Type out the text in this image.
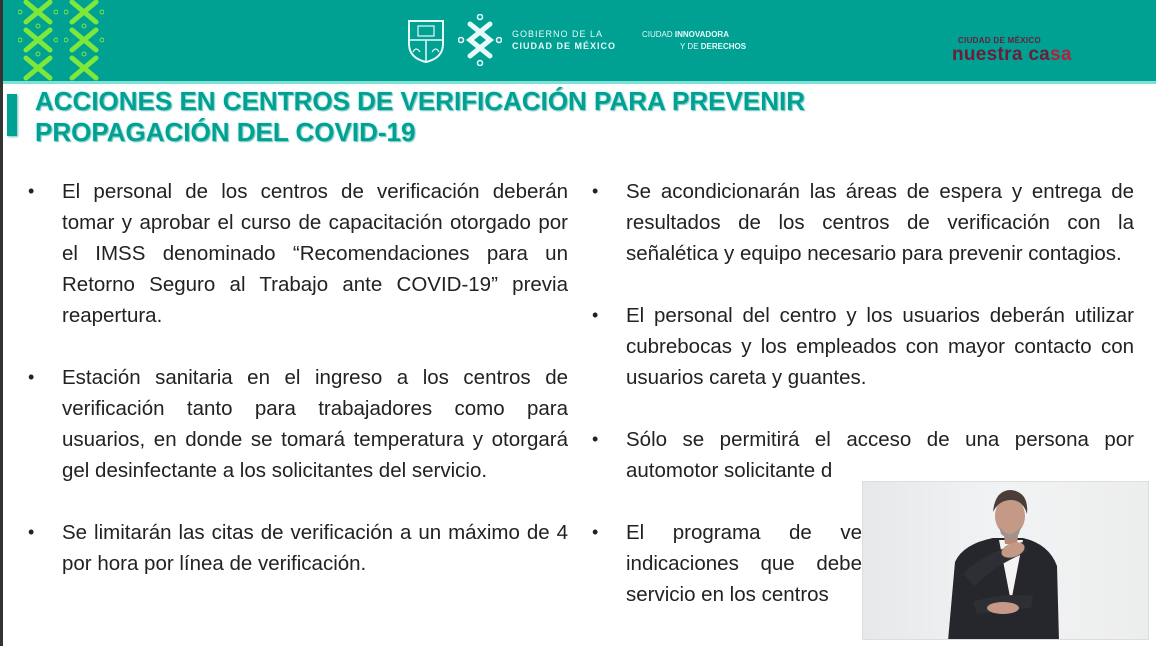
GOBIERNO DE LA
CIUDAD DE MÉXICO
CIUDAD INNOVADORA
Y DE DERECHOS
CIUDAD DE MÉXICO
nuestra casa
ACCIONES EN CENTROS DE VERIFICACIÓN PARA PREVENIR
PROPAGACIÓN DEL COVID-19
• El personal de los centros de verificación deberán tomar y aprobar el curso de capacitación otorgado por el IMSS denominado “Recomendaciones para un Retorno Seguro al Trabajo ante COVID-19” previa reapertura.
• Estación sanitaria en el ingreso a los centros de verificación tanto para trabajadores como para usuarios, en donde se tomará temperatura y otorgará gel desinfectante a los solicitantes del servicio.
• Se limitarán las citas de verificación a un máximo de 4 por hora por línea de verificación.
• Se acondicionarán las áreas de espera y entrega de resultados de los centros de verificación con la señalética y equipo necesario para prevenir contagios.
• El personal del centro y los usuarios deberán utilizar cubrebocas y los empleados con mayor contacto con usuarios careta y guantes.
• Sólo se permitirá el acceso de una persona por automotor solicitante d
• El programa de ve indicaciones que debe servicio en los centros
